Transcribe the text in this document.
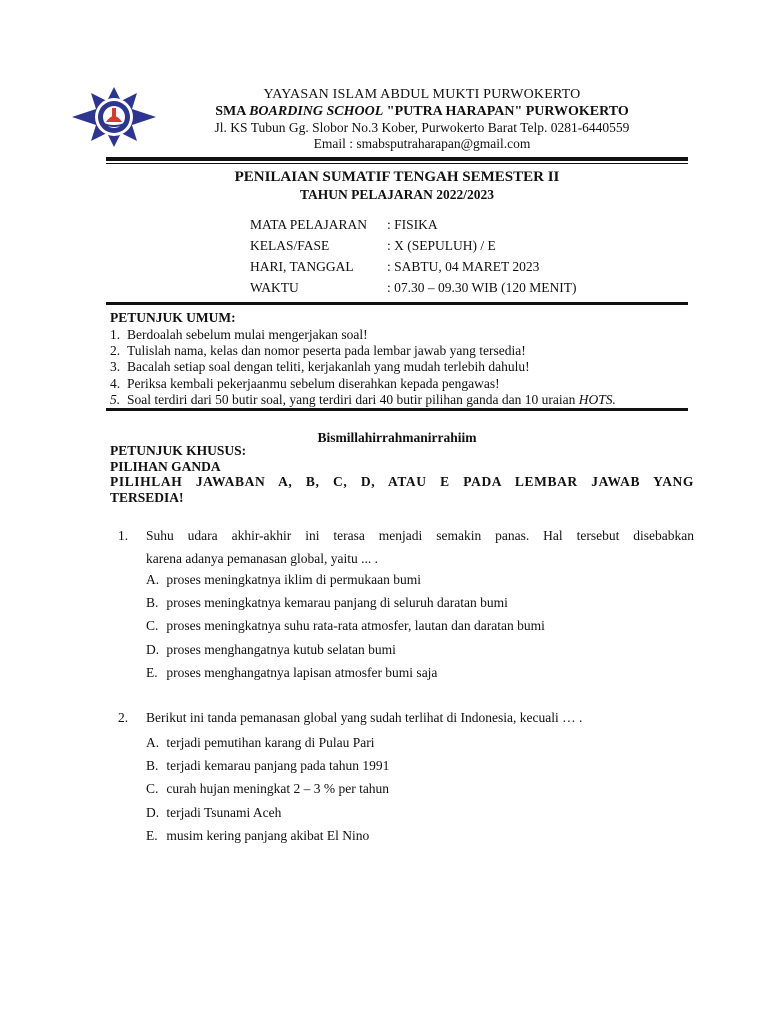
YAYASAN ISLAM ABDUL MUKTI PURWOKERTO
SMA BOARDING SCHOOL "PUTRA HARAPAN" PURWOKERTO
Jl. KS Tubun Gg. Slobor No.3 Kober, Purwokerto Barat Telp. 0281-6440559
Email : smabsputraharapan@gmail.com
PENILAIAN SUMATIF TENGAH SEMESTER II
TAHUN PELAJARAN 2022/2023
MATA PELAJARAN : FISIKA
KELAS/FASE	: X (SEPULUH) / E
HARI, TANGGAL : SABTU, 04 MARET 2023
WAKTU	: 07.30 – 09.30 WIB (120 MENIT)
PETUNJUK UMUM:
1. Berdoalah sebelum mulai mengerjakan soal!
2. Tulislah nama, kelas dan nomor peserta pada lembar jawab yang tersedia!
3. Bacalah setiap soal dengan teliti, kerjakanlah yang mudah terlebih dahulu!
4. Periksa kembali pekerjaanmu sebelum diserahkan kepada pengawas!
5. Soal terdiri dari 50 butir soal, yang terdiri dari 40 butir pilihan ganda dan 10 uraian HOTS.
Bismillahirrahmanirrahiim
PETUNJUK KHUSUS:
PILIHAN GANDA
PILIHLAH JAWABAN A, B, C, D, ATAU E PADA LEMBAR JAWAB YANG
TERSEDIA!
1. Suhu udara akhir-akhir ini terasa menjadi semakin panas. Hal tersebut disebabkan
karena adanya pemanasan global, yaitu ... .
A. proses meningkatnya iklim di permukaan bumi
B. proses meningkatnya kemarau panjang di seluruh daratan bumi
C. proses meningkatnya suhu rata-rata atmosfer, lautan dan daratan bumi
D. proses menghangatnya kutub selatan bumi
E. proses menghangatnya lapisan atmosfer bumi saja
2. Berikut ini tanda pemanasan global yang sudah terlihat di Indonesia, kecuali … .
A. terjadi pemutihan karang di Pulau Pari
B. terjadi kemarau panjang pada tahun 1991
C. curah hujan meningkat 2 – 3 % per tahun
D. terjadi Tsunami Aceh
E. musim kering panjang akibat El Nino
